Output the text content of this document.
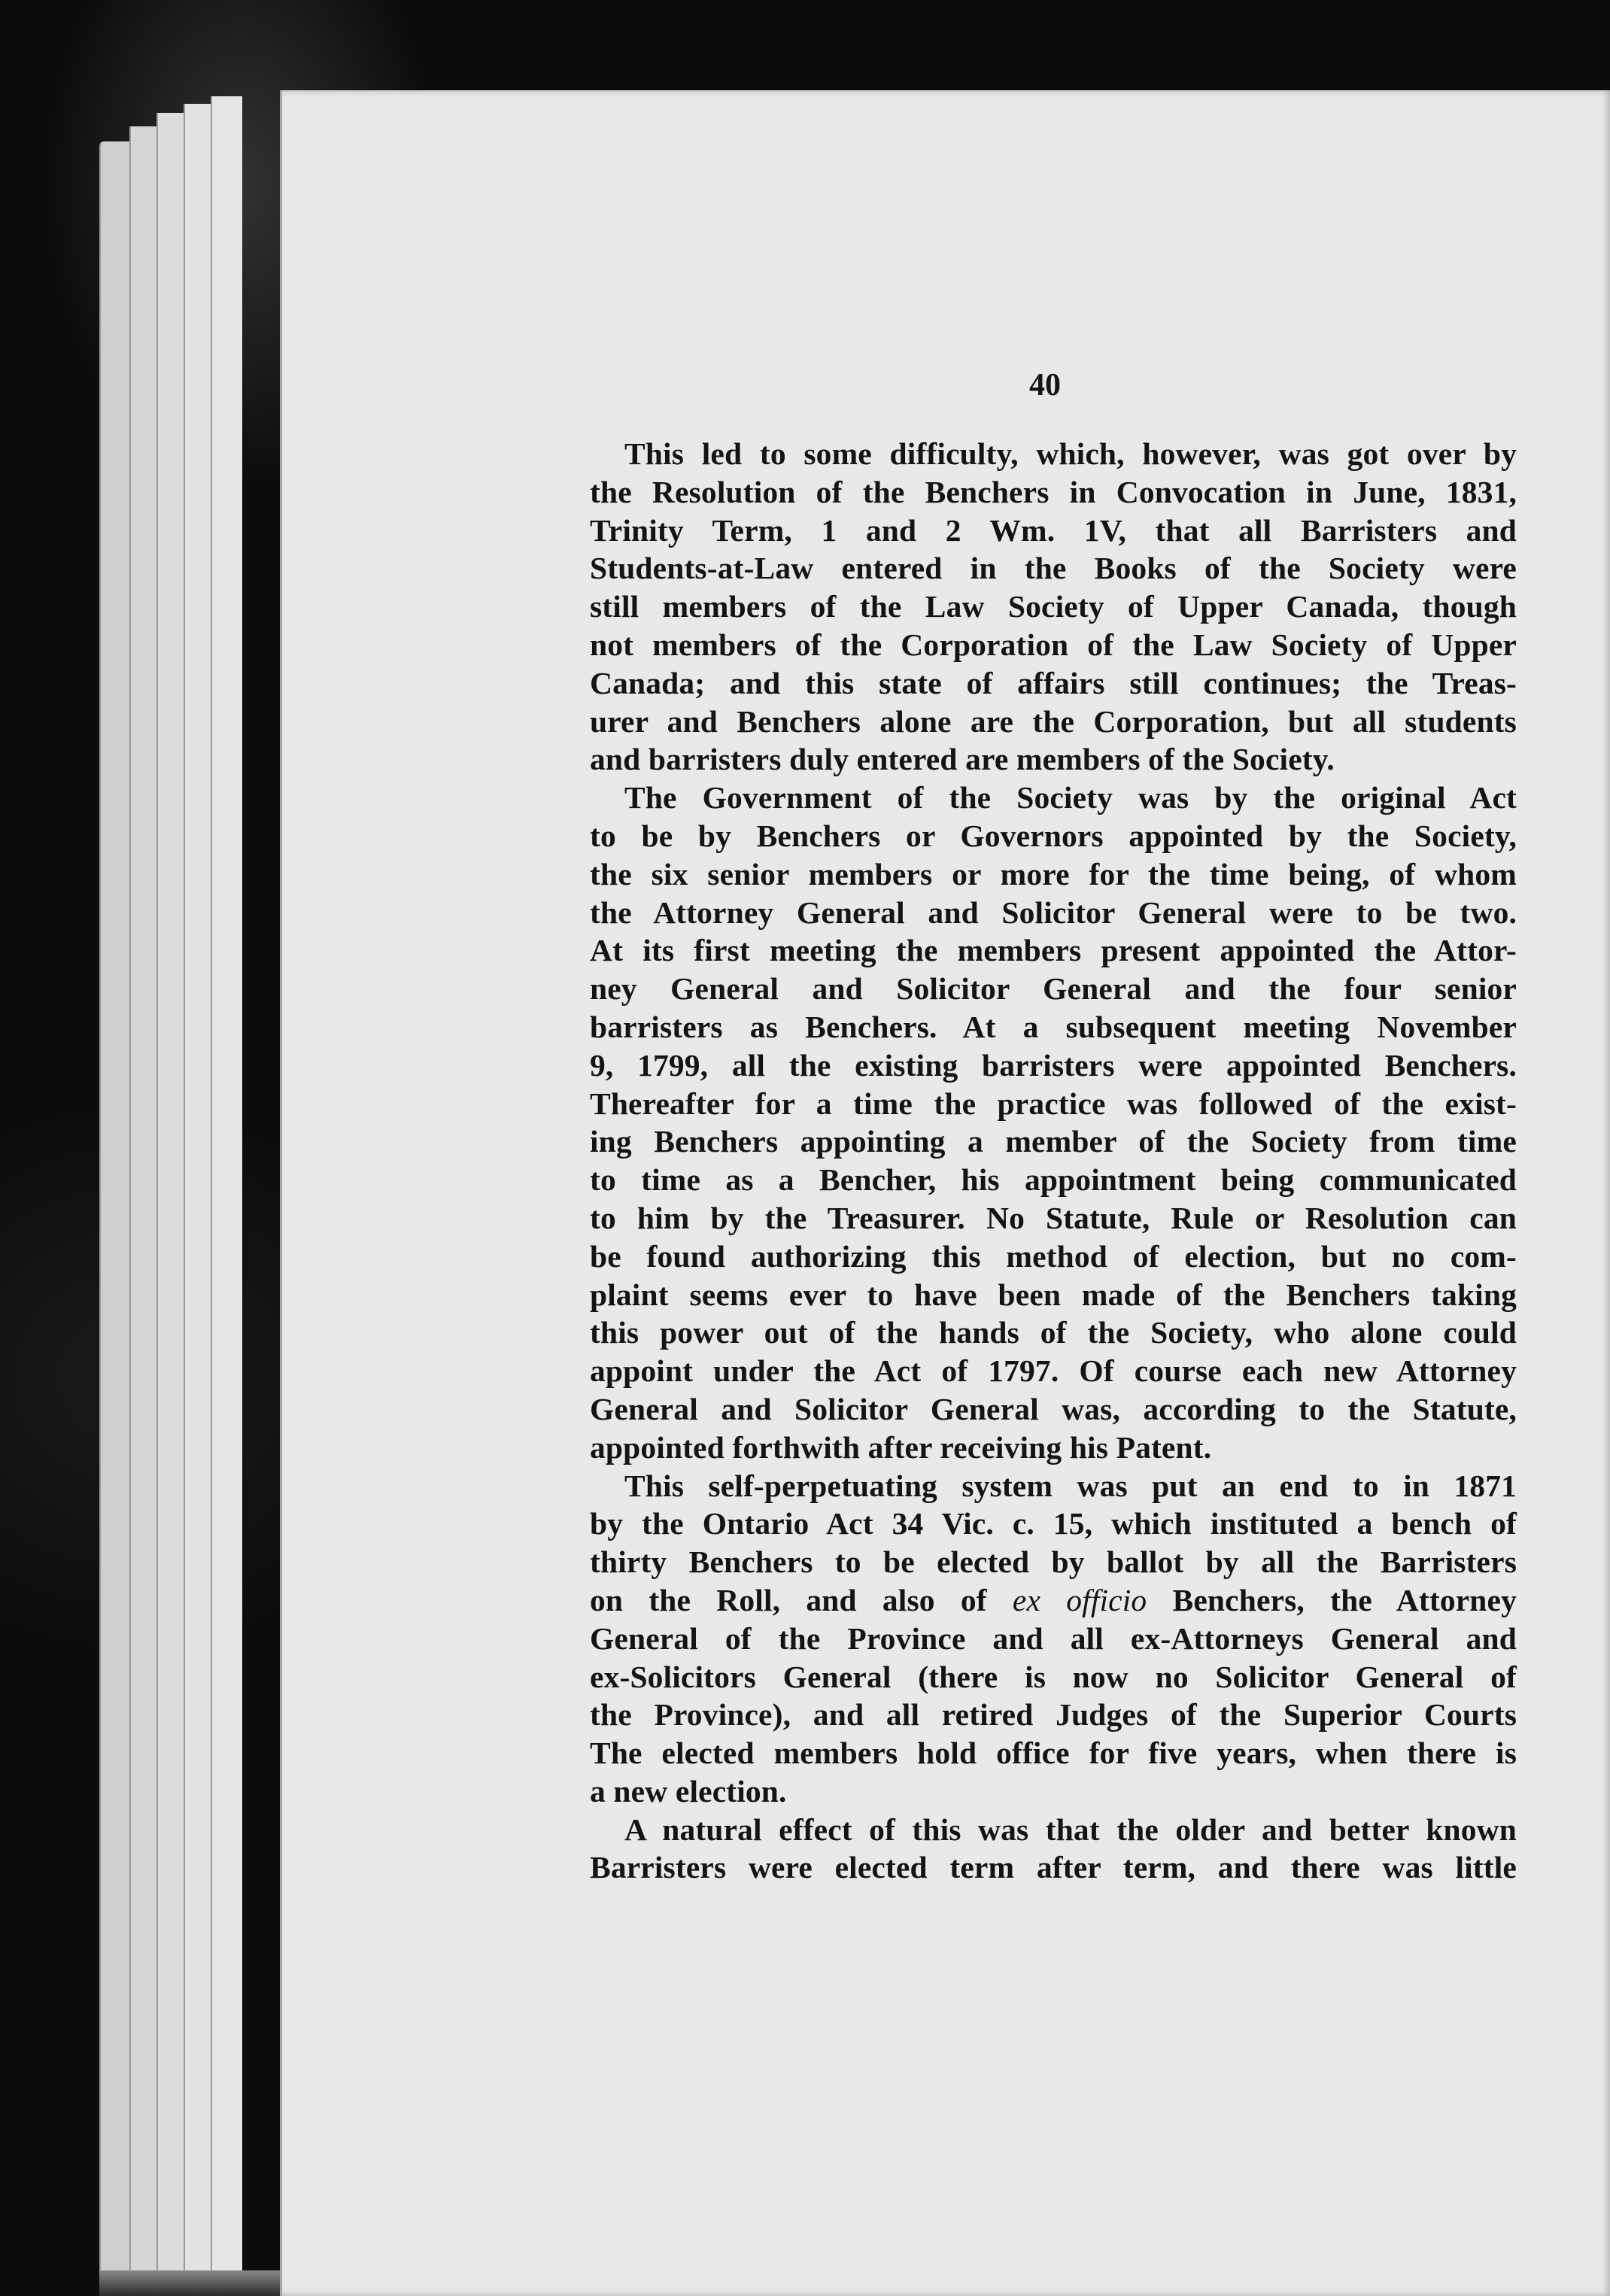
40

This led to some difficulty, which, however, was got over by
the Resolution of the Benchers in Convocation in June, 1831,
Trinity Term, 1 and 2 Wm. 1V, that all Barristers and
Students-at-Law entered in the Books of the Society were
still members of the Law Society of Upper Canada, though
not members of the Corporation of the Law Society of Upper
Canada; and this state of affairs still continues; the Treas-
urer and Benchers alone are the Corporation, but all students
and barristers duly entered are members of the Society.

The Government of the Society was by the original Act
to be by Benchers or Governors appointed by the Society,
the six senior members or more for the time being, of whom
the Attorney General and Solicitor General were to be two.
At its first meeting the members present appointed the Attor-
ney General and Solicitor General and the four senior
barristers as Benchers. At a subsequent meeting November
9, 1799, all the existing barristers were appointed Benchers.
Thereafter for a time the practice was followed of the exist-
ing Benchers appointing a member of the Society from time
to time as a Bencher, his appointment being communicated
to him by the Treasurer. No Statute, Rule or Resolution can
be found authorizing this method of election, but no com-
plaint seems ever to have been made of the Benchers taking
this power out of the hands of the Society, who alone could
appoint under the Act of 1797. Of course each new Attorney
General and Solicitor General was, according to the Statute,
appointed forthwith after receiving his Patent.

This self-perpetuating system was put an end to in 1871
by the Ontario Act 34 Vic. c. 15, which instituted a bench of
thirty Benchers to be elected by ballot by all the Barristers
on the Roll, and also of ex officio Benchers, the Attorney
General of the Province and all ex-Attorneys General and
ex-Solicitors General (there is now no Solicitor General of
the Province), and all retired Judges of the Superior Courts
The elected members hold office for five years, when there is
a new election.

A natural effect of this was that the older and better known
Barristers were elected term after term, and there was little
